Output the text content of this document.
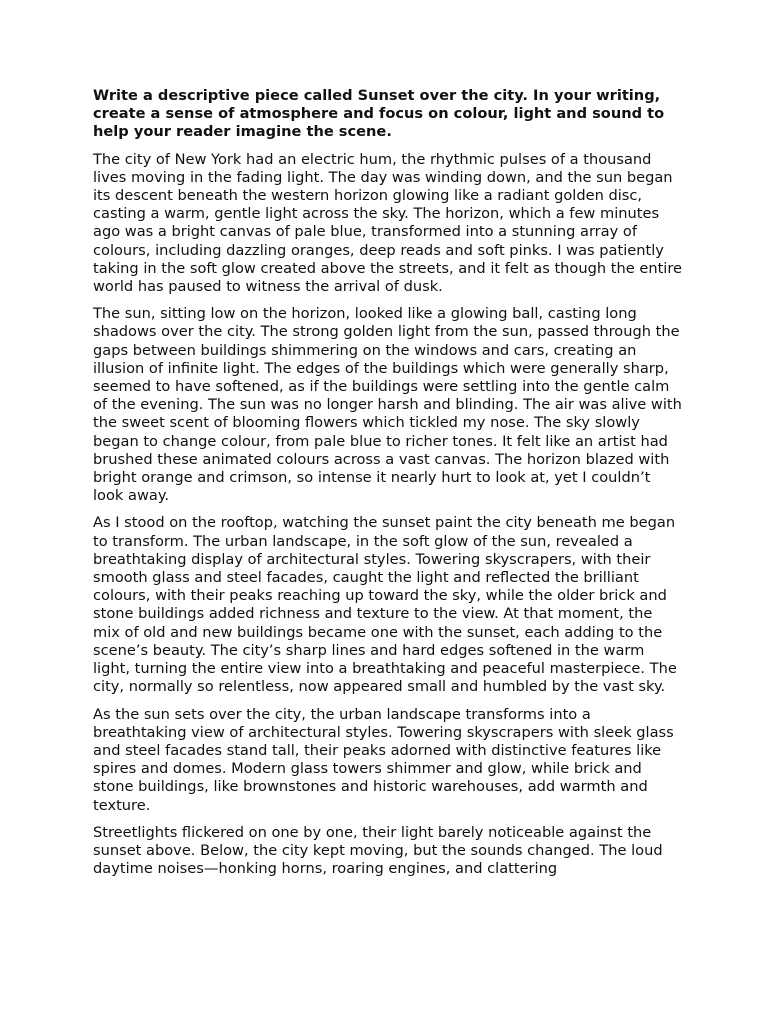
Write a descriptive piece called Sunset over the city. In your writing, create a sense of atmosphere and focus on colour, light and sound to help your reader imagine the scene.

The city of New York had an electric hum, the rhythmic pulses of a thousand lives moving in the fading light. The day was winding down, and the sun began its descent beneath the western horizon glowing like a radiant golden disc, casting a warm, gentle light across the sky. The horizon, which a few minutes ago was a bright canvas of pale blue, transformed into a stunning array of colours, including dazzling oranges, deep reads and soft pinks. I was patiently taking in the soft glow created above the streets, and it felt as though the entire world has paused to witness the arrival of dusk.

The sun, sitting low on the horizon, looked like a glowing ball, casting long shadows over the city. The strong golden light from the sun, passed through the gaps between buildings shimmering on the windows and cars, creating an illusion of infinite light. The edges of the buildings which were generally sharp, seemed to have softened, as if the buildings were settling into the gentle calm of the evening. The sun was no longer harsh and blinding. The air was alive with the sweet scent of blooming flowers which tickled my nose. The sky slowly began to change colour, from pale blue to richer tones. It felt like an artist had brushed these animated colours across a vast canvas. The horizon blazed with bright orange and crimson, so intense it nearly hurt to look at, yet I couldn’t look away.

As I stood on the rooftop, watching the sunset paint the city beneath me began to transform. The urban landscape, in the soft glow of the sun, revealed a breathtaking display of architectural styles. Towering skyscrapers, with their smooth glass and steel facades, caught the light and reflected the brilliant colours, with their peaks reaching up toward the sky, while the older brick and stone buildings added richness and texture to the view. At that moment, the mix of old and new buildings became one with the sunset, each adding to the scene’s beauty. The city’s sharp lines and hard edges softened in the warm light, turning the entire view into a breathtaking and peaceful masterpiece. The city, normally so relentless, now appeared small and humbled by the vast sky.

As the sun sets over the city, the urban landscape transforms into a breathtaking view of architectural styles. Towering skyscrapers with sleek glass and steel facades stand tall, their peaks adorned with distinctive features like spires and domes. Modern glass towers shimmer and glow, while brick and stone buildings, like brownstones and historic warehouses, add warmth and texture.

Streetlights flickered on one by one, their light barely noticeable against the sunset above. Below, the city kept moving, but the sounds changed. The loud daytime noises—honking horns, roaring engines, and clattering
